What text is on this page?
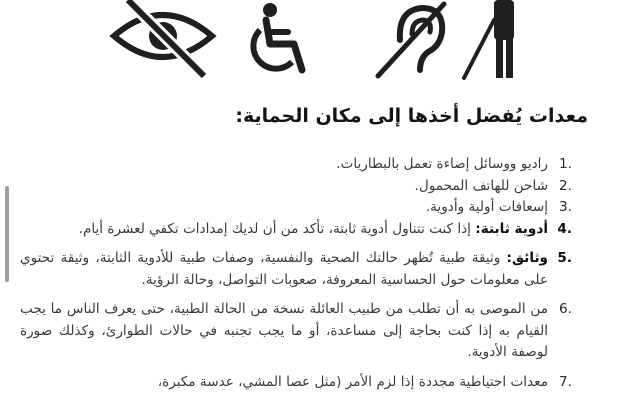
معدات يُفضل أخذها إلى مكان الحماية:
1.
راديو ووسائل إضاءة تعمل بالبطاريات.
2.
شاحن للهاتف المحمول.
3.
إسعافات أولية وأدوية.
4.
أدوية ثابتة: إذا كنت تتناول أدوية ثابتة، تأكد من أن لديك إمدادات تكفي لعشرة أيام.
5.
وثائق: وثيقة طبية تُظهر حالتك الصحية والنفسية، وصفات طبية للأدوية الثابتة، وثيقة تحتوي على معلومات حول الحساسية المعروفة، صعوبات التواصل، وحالة الرؤية.
6.
من الموصى به أن تطلب من طبيب العائلة نسخة من الحالة الطبية، حتى يعرف الناس ما يجب القيام به إذا كنت بحاجة إلى مساعدة، أو ما يجب تجنبه في حالات الطوارئ، وكذلك صورة لوصفة الأدوية.
7.
معدات احتياطية مجددة إذا لزم الأمر (مثل عصا المشي، عدسة مكبرة،
